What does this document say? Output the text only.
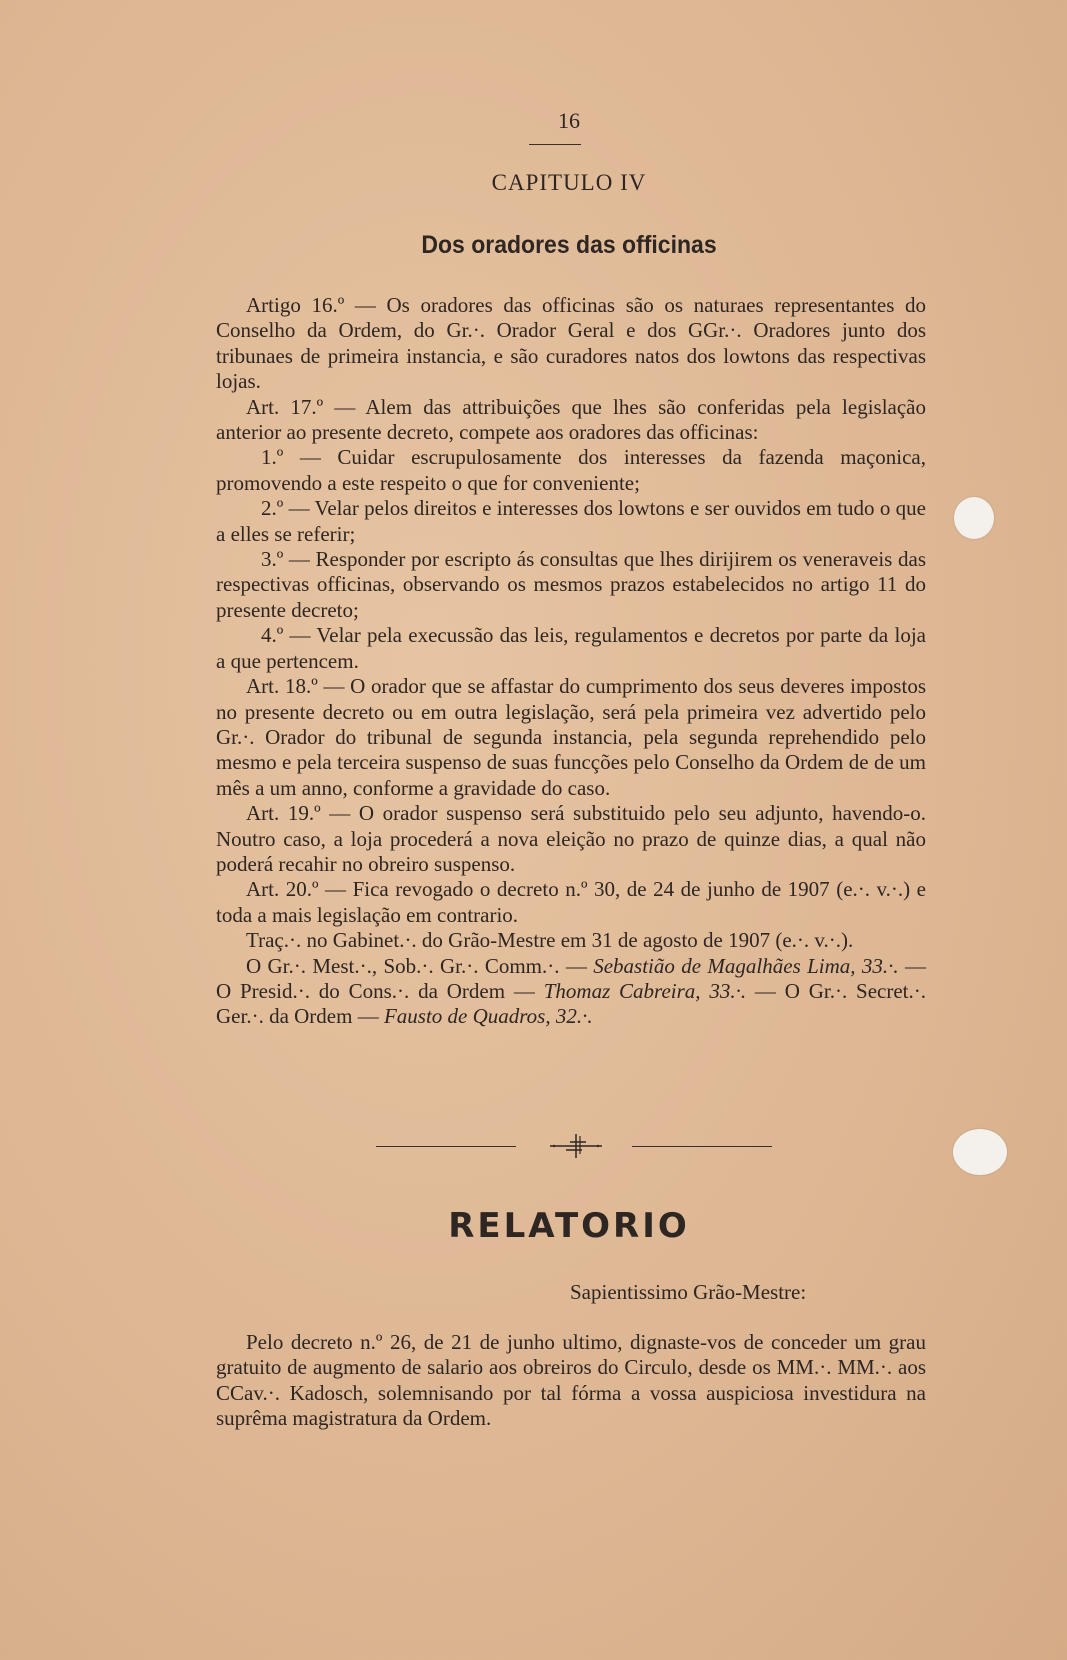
16
CAPITULO IV
Dos oradores das officinas

Artigo 16.º — Os oradores das officinas são os naturaes representantes do Conselho da Ordem, do Gr.·. Orador Geral e dos GGr.·. Oradores junto dos tribunaes de primeira instancia, e são curadores natos dos lowtons das respectivas lojas.

Art. 17.º — Alem das attribuições que lhes são conferidas pela legislação anterior ao presente decreto, compete aos oradores das officinas:

1.º — Cuidar escrupulosamente dos interesses da fazenda maçonica, promovendo a este respeito o que for conveniente;

2.º — Velar pelos direitos e interesses dos lowtons e ser ouvidos em tudo o que a elles se referir;

3.º — Responder por escripto ás consultas que lhes dirijirem os veneraveis das respectivas officinas, observando os mesmos prazos estabelecidos no artigo 11 do presente decreto;

4.º — Velar pela execussão das leis, regulamentos e decretos por parte da loja a que pertencem.

Art. 18.º — O orador que se affastar do cumprimento dos seus deveres impostos no presente decreto ou em outra legislação, será pela primeira vez advertido pelo Gr.·. Orador do tribunal de segunda instancia, pela segunda reprehendido pelo mesmo e pela terceira suspenso de suas funcções pelo Conselho da Ordem de de um mês a um anno, conforme a gravidade do caso.

Art. 19.º — O orador suspenso será substituido pelo seu adjunto, havendo-o. Noutro caso, a loja procederá a nova eleição no prazo de quinze dias, a qual não poderá recahir no obreiro suspenso.

Art. 20.º — Fica revogado o decreto n.º 30, de 24 de junho de 1907 (e.·. v.·.) e toda a mais legislação em contrario.

Traç.·. no Gabinet.·. do Grão-Mestre em 31 de agosto de 1907 (e.·. v.·.).

O Gr.·. Mest.·., Sob.·. Gr.·. Comm.·. — Sebastião de Magalhães Lima, 33.·. — O Presid.·. do Cons.·. da Ordem — Thomaz Cabreira, 33.·. — O Gr.·. Secret.·. Ger.·. da Ordem — Fausto de Quadros, 32.·.

RELATORIO
Sapientissimo Grão-Mestre:

Pelo decreto n.º 26, de 21 de junho ultimo, dignaste-vos de conceder um grau gratuito de augmento de salario aos obreiros do Circulo, desde os MM.·. MM.·. aos CCav.·. Kadosch, solemnisando por tal fórma a vossa auspiciosa investidura na suprêma magistratura da Ordem.
